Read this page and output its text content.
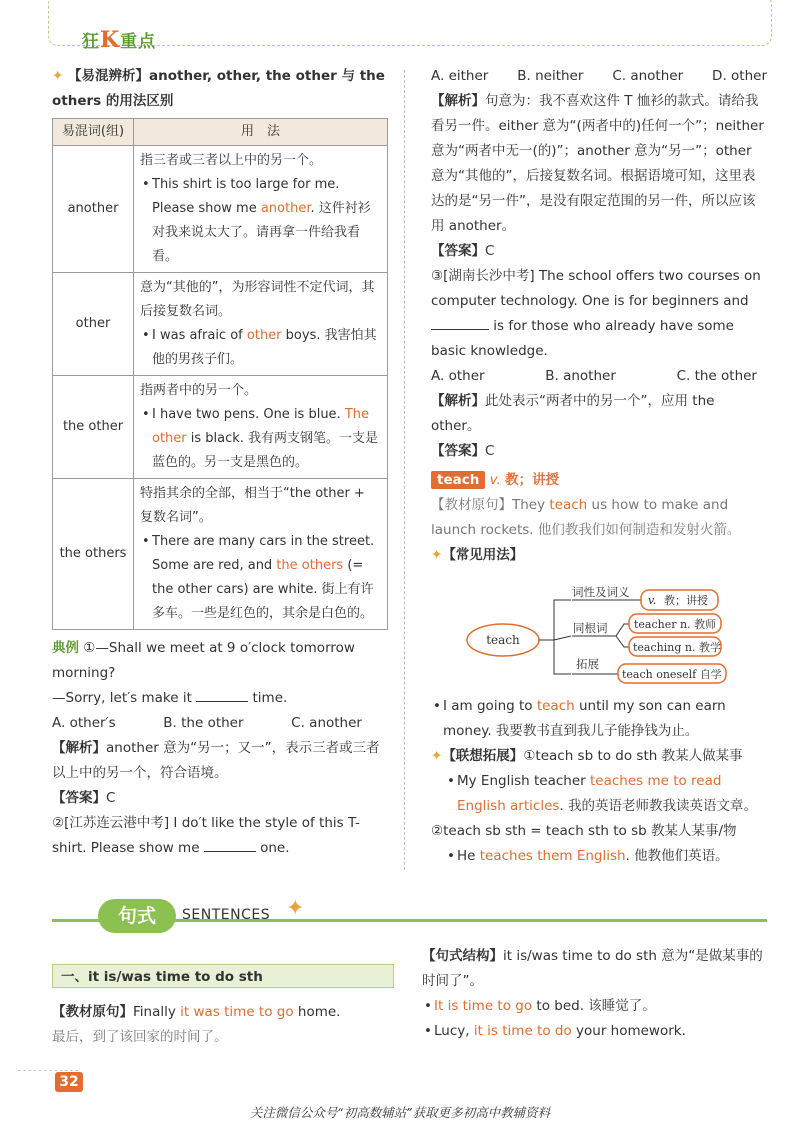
狂K重点

✦ 【易混辨析】another, other, the other 与 the others 的用法区别

易混词(组)	用　法
another	指三者或三者以上中的另一个。
• This shirt is too large for me. Please show me another. 这件衬衫对我来说太大了。请再拿一件给我看看。

other	意为“其他的”，为形容词性不定代词，其后接复数名词。
• I was afraic of other boys. 我害怕其他的男孩子们。

the other	指两者中的另一个。
• I have two pens. One is blue. The other is black. 我有两支钢笔。一支是蓝色的。另一支是黑色的。

the others	特指其余的全部，相当于“the other + 复数名词”。
• There are many cars in the street. Some are red, and the others (= the other cars) are white. 街上有许多车。一些是红色的，其余是白色的。

典例 ①—Shall we meet at 9 o′clock tomorrow morning?

—Sorry, let′s make it	time.

A. other′s	B. the other	C. another

【解析】another 意为“另一；又一”，表示三者或三者以上中的另一个，符合语境。

【答案】C

②[江苏连云港中考] I do′t like the style of this T-shirt. Please show me	one.

A. either B. neither C. another D. other

【解析】句意为：我不喜欢这件 T 恤衫的款式。请给我看另一件。either 意为“(两者中的)任何一个”；neither 意为“两者中无一(的)”；another 意为“另一”；other 意为“其他的”，后接复数名词。根据语境可知，这里表达的是“另一件”，是没有限定范围的另一件，所以应该用 another。

【答案】C

③[湖南长沙中考] The school offers two courses on computer technology. One is for beginners and  is for those who already have some basic knowledge.

A. other	B. another	C. the other

【解析】此处表示“两者中的另一个”，应用 the other。

【答案】C

teach v. 教；讲授

【教材原句】They teach us how to make and launch rockets. 他们教我们如何制造和发射火箭。

✦【常见用法】

teach
词性及词义
v. 教；讲授
同根词 teacher n. 教师
teaching n. 教学
拓展
teach oneself 自学

• I am going to teach until my son can earn money. 我要教书直到我儿子能挣钱为止。

✦【联想拓展】①teach sb to do sth 教某人做某事

• My English teacher teaches me to read English articles. 我的英语老师教我读英语文章。

②teach sb sth = teach sth to sb 教某人某事/物

• He teaches them English. 他教他们英语。

句式	SENTENCES ✦
一、it is/was time to do sth

【教材原句】Finally it was time to go home.

最后，到了该回家的时间了。

【句式结构】it is/was time to do sth 意为“是做某事的时间了”。

• It is time to go to bed. 该睡觉了。

• Lucy, it is time to do your homework.

32
关注微信公众号“初高数辅站”获取更多初高中教辅资料
